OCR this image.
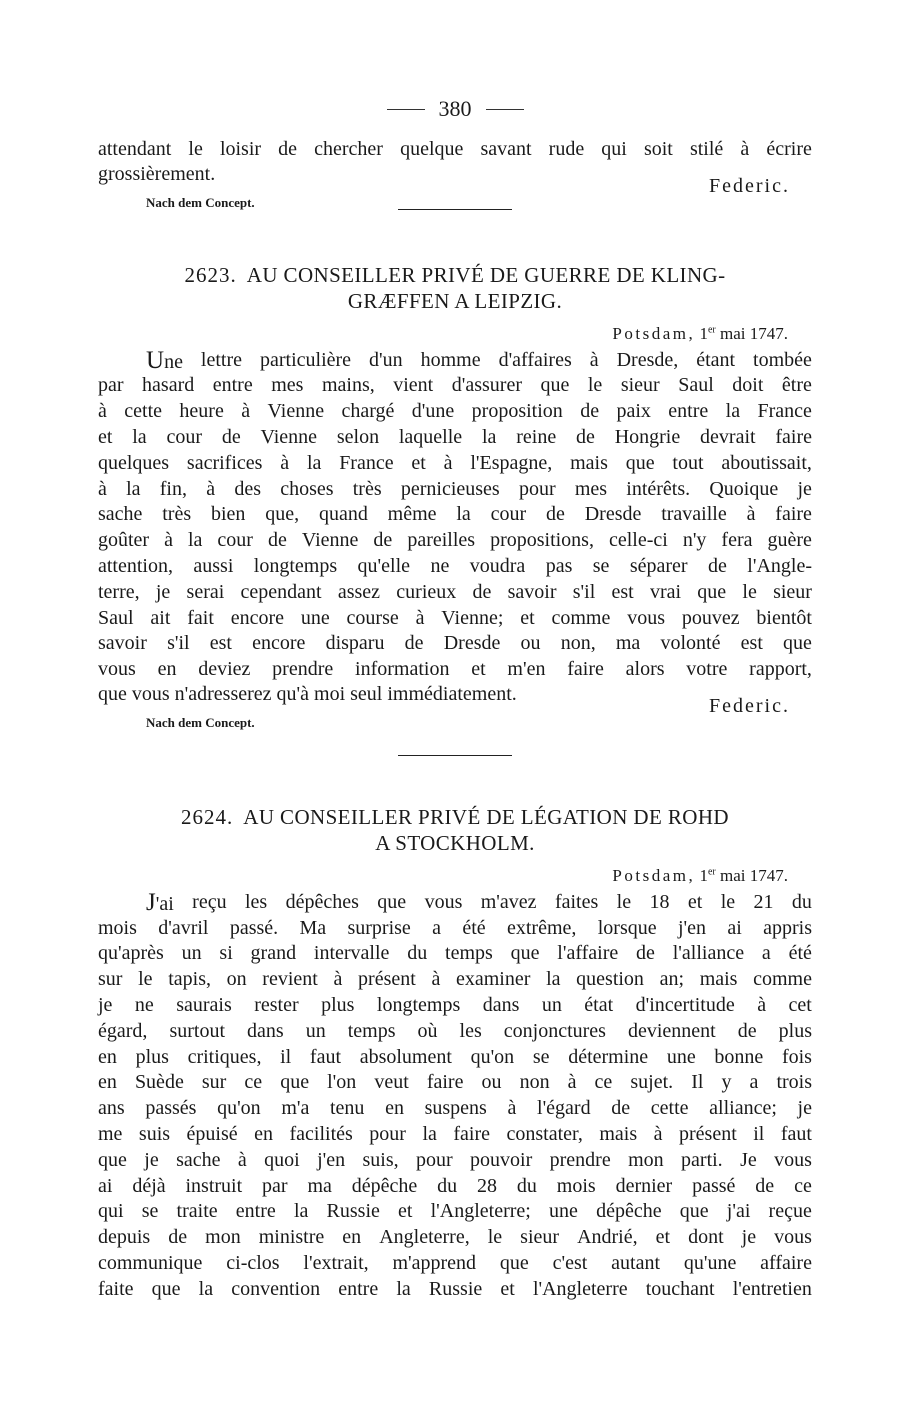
380
attendant le loisir de chercher quelque savant rude qui soit stilé à écrire
grossièrement.
Federic.
Nach dem Concept.
2623. AU CONSEILLER PRIVÉ DE GUERRE DE KLING-
GRÆFFEN A LEIPZIG.
Potsdam, 1er mai 1747.
Une lettre particulière d'un homme d'affaires à Dresde, étant tombée
par hasard entre mes mains, vient d'assurer que le sieur Saul doit être
à cette heure à Vienne chargé d'une proposition de paix entre la France
et la cour de Vienne selon laquelle la reine de Hongrie devrait faire
quelques sacrifices à la France et à l'Espagne, mais que tout aboutissait,
à la fin, à des choses très pernicieuses pour mes intérêts. Quoique je
sache très bien que, quand même la cour de Dresde travaille à faire
goûter à la cour de Vienne de pareilles propositions, celle-ci n'y fera guère
attention, aussi longtemps qu'elle ne voudra pas se séparer de l'Angle-
terre, je serai cependant assez curieux de savoir s'il est vrai que le sieur
Saul ait fait encore une course à Vienne; et comme vous pouvez bientôt
savoir s'il est encore disparu de Dresde ou non, ma volonté est que
vous en deviez prendre information et m'en faire alors votre rapport,
que vous n'adresserez qu'à moi seul immédiatement.
Federic.
Nach dem Concept.
2624. AU CONSEILLER PRIVÉ DE LÉGATION DE ROHD
A STOCKHOLM.
Potsdam, 1er mai 1747.
J'ai reçu les dépêches que vous m'avez faites le 18 et le 21 du
mois d'avril passé. Ma surprise a été extrême, lorsque j'en ai appris
qu'après un si grand intervalle du temps que l'affaire de l'alliance a été
sur le tapis, on revient à présent à examiner la question an; mais comme
je ne saurais rester plus longtemps dans un état d'incertitude à cet
égard, surtout dans un temps où les conjonctures deviennent de plus
en plus critiques, il faut absolument qu'on se détermine une bonne fois
en Suède sur ce que l'on veut faire ou non à ce sujet. Il y a trois
ans passés qu'on m'a tenu en suspens à l'égard de cette alliance; je
me suis épuisé en facilités pour la faire constater, mais à présent il faut
que je sache à quoi j'en suis, pour pouvoir prendre mon parti. Je vous
ai déjà instruit par ma dépêche du 28 du mois dernier passé de ce
qui se traite entre la Russie et l'Angleterre; une dépêche que j'ai reçue
depuis de mon ministre en Angleterre, le sieur Andrié, et dont je vous
communique ci-clos l'extrait, m'apprend que c'est autant qu'une affaire
faite que la convention entre la Russie et l'Angleterre touchant l'entretien
